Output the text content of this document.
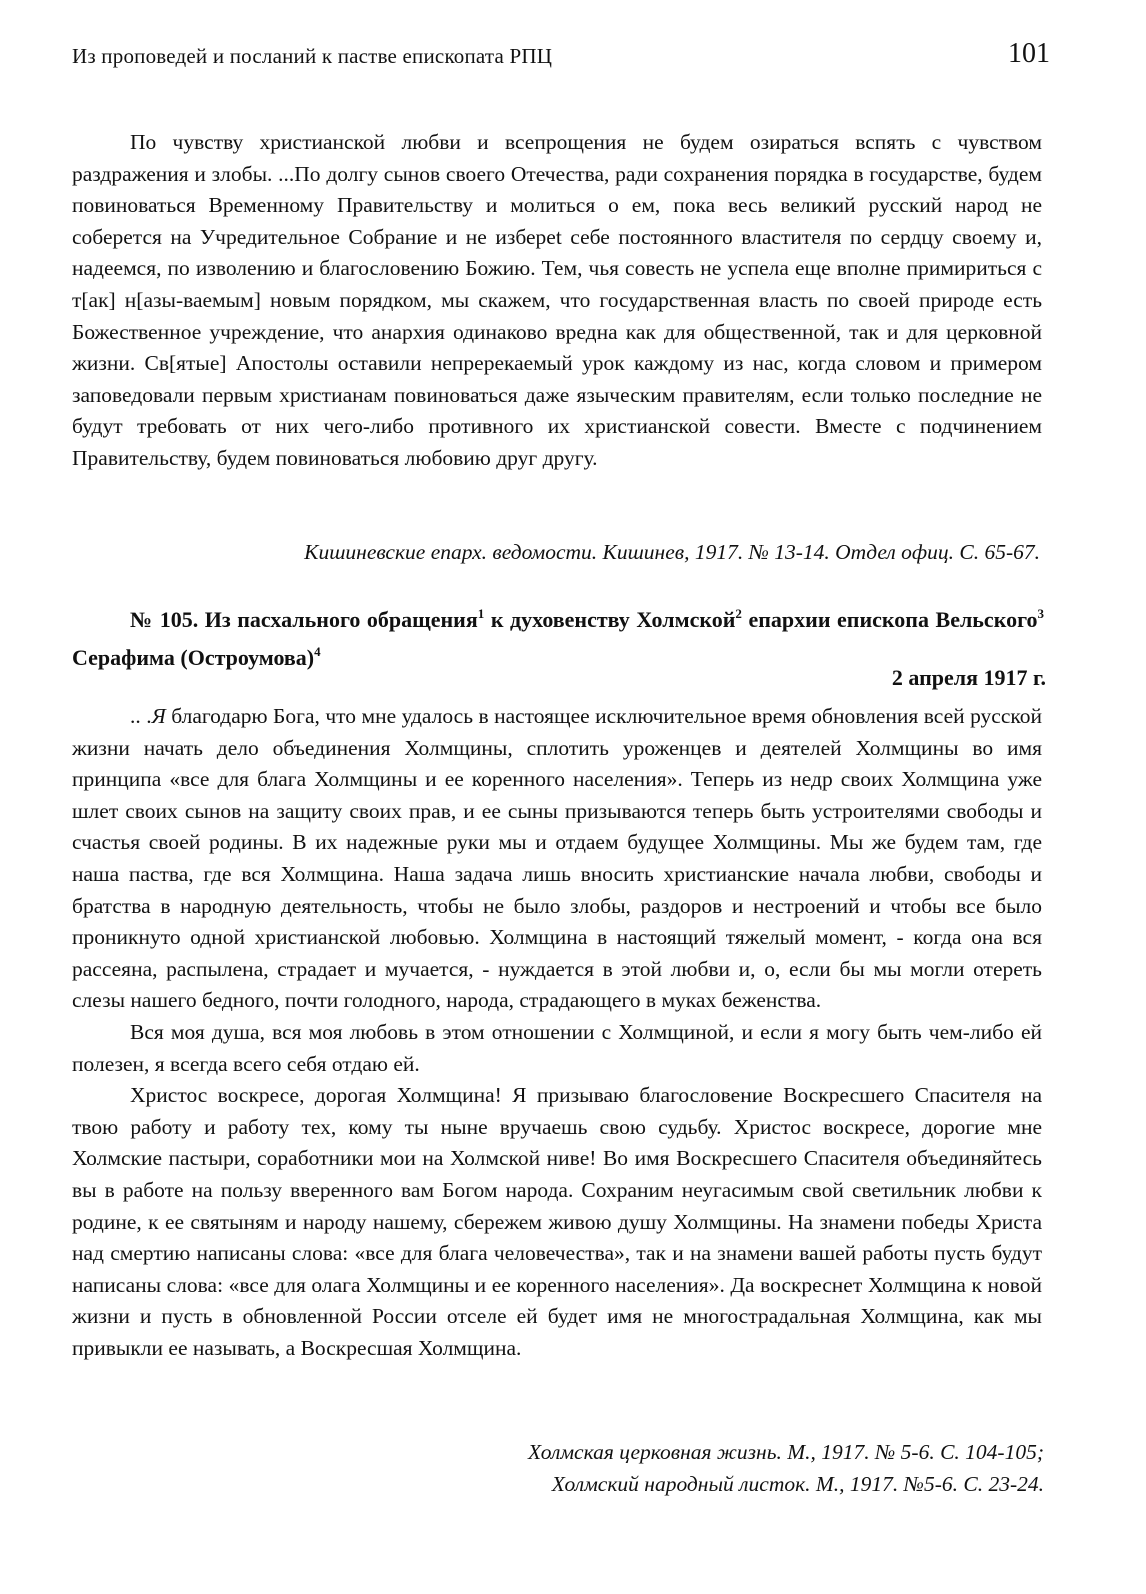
Из проповедей и посланий к пастве епископата РПЦ	101

По чувству христианской любви и всепрощения не будем озираться вспять с чувством раздражения и злобы. ...По долгу сынов своего Отечества, ради сохранения порядка в государстве, будем повиноваться Временному Правительству и молиться о ем, пока весь великий русский народ не соберется на Учредительное Собрание и не избереt себе постоянного властителя по сердцу своему и, надеемся, по изволению и благословению Божию. Тем, чья совесть не успела еще вполне примириться с т[ак] н[азы-ваемым] новым порядком, мы скажем, что государственная власть по своей природе есть Божественное учреждение, что анархия одинаково вредна как для общественной, так и для церковной жизни. Св[ятые] Апостолы оставили непререкаемый урок каждому из нас, когда словом и примером заповедовали первым христианам повиноваться даже языческим правителям, если только последние не будут требовать от них чего-либо противного их христианской совести. Вместе с подчинением Правительству, будем повиноваться любовию друг другу.

Кишиневские епарх. ведомости. Кишинев, 1917. № 13-14. Отдел офиц. С. 65-67.
№ 105. Из пасхального обращения$^1$ к духовенству Холмской$^2$ епархии епископа Вельского$^3$ Серафима (Остроумова)$^4$
2 апреля 1917 г.

.. .Я благодарю Бога, что мне удалось в настоящее исключительное время обновления всей русской жизни начать дело объединения Холмщины, сплотить уроженцев и деятелей Холмщины во имя принципа «все для блага Холмщины и ее коренного населения». Теперь из недр своих Холмщина уже шлет своих сынов на защиту своих прав, и ее сыны призываются теперь быть устроителями свободы и счастья своей родины. В их надежные руки мы и отдаем будущее Холмщины. Мы же будем там, где наша паства, где вся Холмщина. Наша задача лишь вносить христианские начала любви, свободы и братства в народную деятельность, чтобы не было злобы, раздоров и нестроений и чтобы все было проникнуто одной христианской любовью. Холмщина в настоящий тяжелый момент, - когда она вся рассеяна, распылена, страдает и мучается, - нуждается в этой любви и, о, если бы мы могли отереть слезы нашего бедного, почти голодного, народа, страдающего в муках беженства.

Вся моя душа, вся моя любовь в этом отношении с Холмщиной, и если я могу быть чем-либо ей полезен, я всегда всего себя отдаю ей.

Христос воскресе, дорогая Холмщина! Я призываю благословение Воскресшего Спасителя на твою работу и работу тех, кому ты ныне вручаешь свою судьбу. Христос воскресе, дорогие мне Холмские пастыри, соработники мои на Холмской ниве! Во имя Воскресшего Спасителя объединяйтесь вы в работе на пользу вверенного вам Богом народа. Сохраним неугасимым свой светильник любви к родине, к ее святыням и народу нашему, сбережем живою душу Холмщины. На знамени победы Христа над смертию написаны слова: «все для блага человечества», так и на знамени вашей работы пусть будут написаны слова: «все для олага Холмщины и ее коренного населения». Да воскреснет Холмщина к новой жизни и пусть в обновленной России отселе ей будет имя не многострадальная Холмщина, как мы привыкли ее называть, а Воскресшая Холмщина.

Холмская церковная жизнь. М., 1917. № 5-6. С. 104-105;
Холмский народный листок. М., 1917. №5-6. С. 23-24.
